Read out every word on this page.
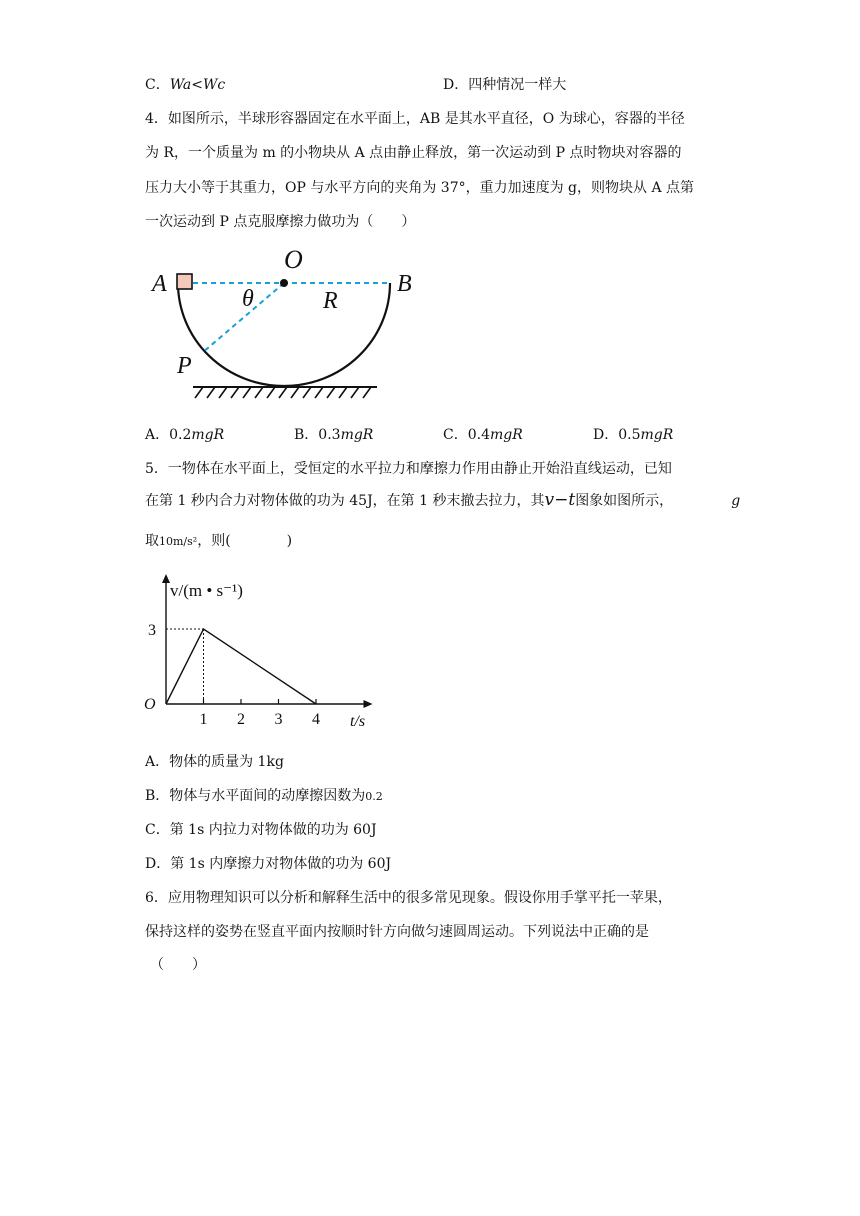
C．Wa<Wc	D．四种情况一样大
4．如图所示，半球形容器固定在水平面上，AB 是其水平直径，O 为球心，容器的半径
为 R，一个质量为 m 的小物块从 A 点由静止释放，第一次运动到 P 点时物块对容器的
压力大小等于其重力，OP 与水平方向的夹角为 37°，重力加速度为 g，则物块从 A 点第
一次运动到 P 点克服摩擦力做功为（　　）
A
O
B
θ	R
P
A．0.2mgR	B．0.3mgR	C．0.4mgR	D．0.5mgR
5．一物体在水平面上，受恒定的水平拉力和摩擦力作用由静止开始沿直线运动，已知
在第 1 秒内合力对物体做的功为 45J，在第 1 秒末撤去拉力，其v−t图象如图所示，	g
取10m/s²，则(　　　　)
v/(m • s⁻¹)
t/s
O
1 2 3 4
3
A．物体的质量为 1kg
B．物体与水平面间的动摩擦因数为0.2
C．第 1s 内拉力对物体做的功为 60J
D．第 1s 内摩擦力对物体做的功为 60J
6．应用物理知识可以分析和解释生活中的很多常见现象。假设你用手掌平托一苹果，
保持这样的姿势在竖直平面内按顺时针方向做匀速圆周运动。下列说法中正确的是
（　　）
